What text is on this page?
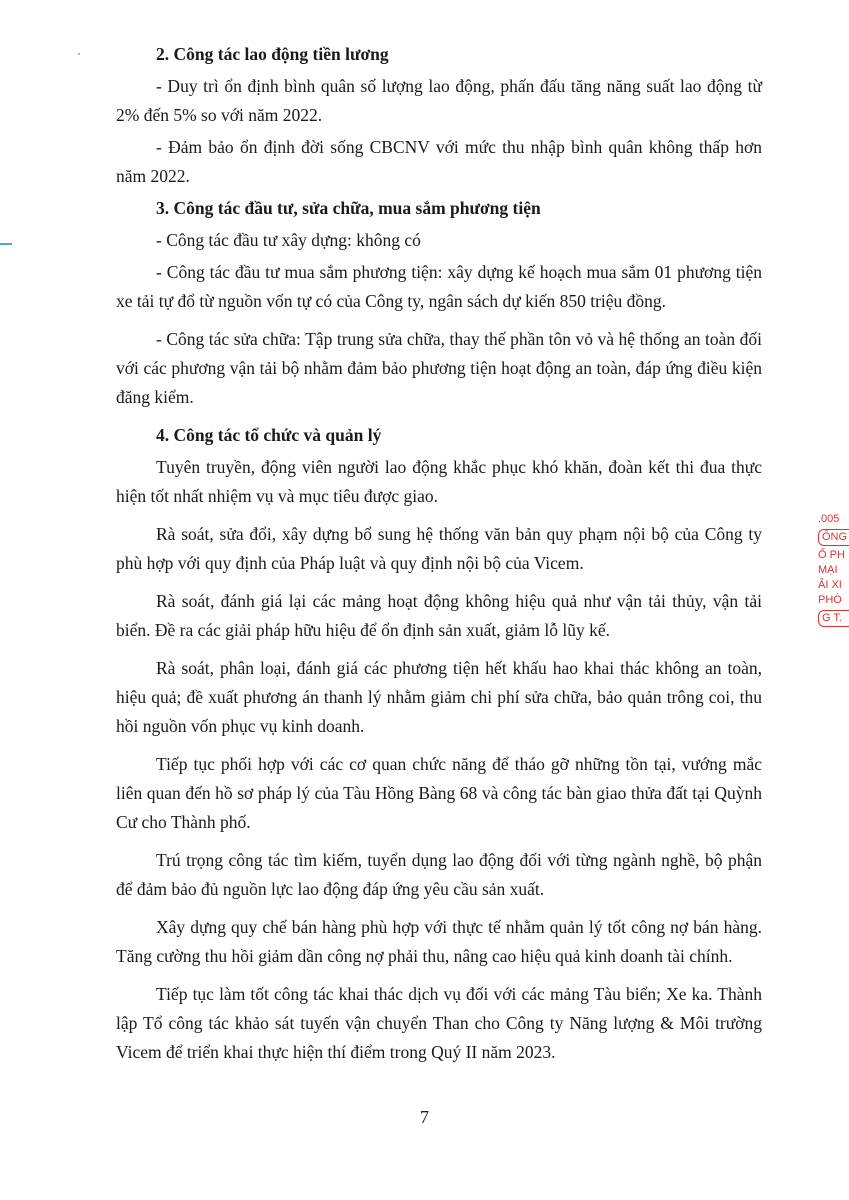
2. Công tác lao động tiền lương

- Duy trì ổn định bình quân số lượng lao động, phấn đấu tăng năng suất lao động từ 2% đến 5% so với năm 2022.

- Đảm bảo ổn định đời sống CBCNV với mức thu nhập bình quân không thấp hơn năm 2022.

3. Công tác đầu tư, sửa chữa, mua sắm phương tiện

- Công tác đầu tư xây dựng: không có

- Công tác đầu tư mua sắm phương tiện: xây dựng kế hoạch mua sắm 01 phương tiện xe tải tự đổ từ nguồn vốn tự có của Công ty, ngân sách dự kiến 850 triệu đồng.

- Công tác sửa chữa: Tập trung sửa chữa, thay thế phần tôn vỏ và hệ thống an toàn đối với các phương vận tải bộ nhằm đảm bảo phương tiện hoạt động an toàn, đáp ứng điều kiện đăng kiểm.

4. Công tác tổ chức và quản lý

Tuyên truyền, động viên người lao động khắc phục khó khăn, đoàn kết thi đua thực hiện tốt nhất nhiệm vụ và mục tiêu được giao.

Rà soát, sửa đổi, xây dựng bổ sung hệ thống văn bản quy phạm nội bộ của Công ty phù hợp với quy định của Pháp luật và quy định nội bộ của Vicem.

Rà soát, đánh giá lại các mảng hoạt động không hiệu quả như vận tải thủy, vận tải biển. Đề ra các giải pháp hữu hiệu để ổn định sản xuất, giảm lỗ lũy kế.

Rà soát, phân loại, đánh giá các phương tiện hết khấu hao khai thác không an toàn, hiệu quả; đề xuất phương án thanh lý nhằm giảm chi phí sửa chữa, bảo quản trông coi, thu hồi nguồn vốn phục vụ kinh doanh.

Tiếp tục phối hợp với các cơ quan chức năng để tháo gỡ những tồn tại, vướng mắc liên quan đến hồ sơ pháp lý của Tàu Hồng Bàng 68 và công tác bàn giao thửa đất tại Quỳnh Cư cho Thành phố.

Trú trọng công tác tìm kiếm, tuyển dụng lao động đối với từng ngành nghề, bộ phận để đảm bảo đủ nguồn lực lao động đáp ứng yêu cầu sản xuất.

Xây dựng quy chế bán hàng phù hợp với thực tế nhằm quản lý tốt công nợ bán hàng. Tăng cường thu hồi giảm dần công nợ phải thu, nâng cao hiệu quả kinh doanh tài chính.

Tiếp tục làm tốt công tác khai thác dịch vụ đối với các mảng Tàu biển; Xe ka. Thành lập Tổ công tác khảo sát tuyến vận chuyển Than cho Công ty Năng lượng & Môi trường Vicem để triển khai thực hiện thí điểm trong Quý II năm 2023.

7
.005
ÔNG
Ổ PH
MẠI
ẢI XI
PHÓ
G T.
